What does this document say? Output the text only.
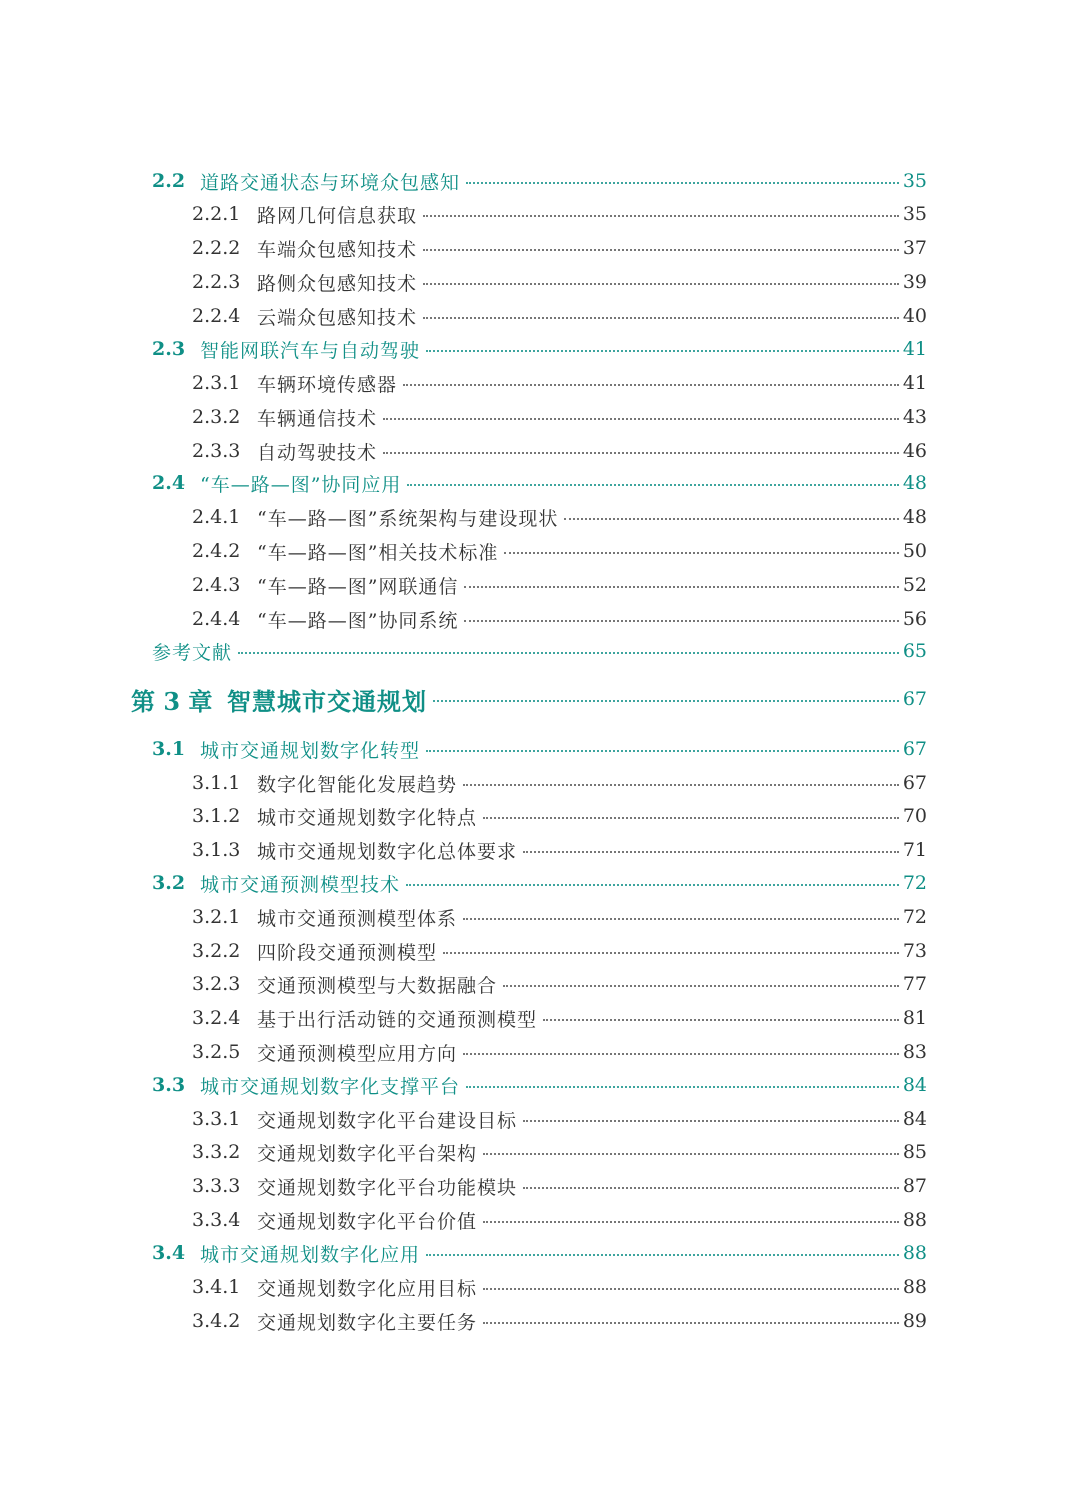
2.2 道路交通状态与环境众包感知	35
2.2.1 路网几何信息获取	35
2.2.2 车端众包感知技术	37
2.2.3 路侧众包感知技术	39
2.2.4 云端众包感知技术	40
2.3 智能网联汽车与自动驾驶	41
2.3.1 车辆环境传感器	41
2.3.2 车辆通信技术	43
2.3.3 自动驾驶技术	46
2.4 “车—路—图”协同应用	48
2.4.1 “车—路—图”系统架构与建设现状	48
2.4.2 “车—路—图”相关技术标准	50
2.4.3 “车—路—图”网联通信	52
2.4.4 “车—路—图”协同系统	56
参考文献	65
第 3 章 智慧城市交通规划	67
3.1 城市交通规划数字化转型	67
3.1.1 数字化智能化发展趋势	67
3.1.2 城市交通规划数字化特点	70
3.1.3 城市交通规划数字化总体要求	71
3.2 城市交通预测模型技术	72
3.2.1 城市交通预测模型体系	72
3.2.2 四阶段交通预测模型	73
3.2.3 交通预测模型与大数据融合	77
3.2.4 基于出行活动链的交通预测模型	81
3.2.5 交通预测模型应用方向	83
3.3 城市交通规划数字化支撑平台	84
3.3.1 交通规划数字化平台建设目标	84
3.3.2 交通规划数字化平台架构	85
3.3.3 交通规划数字化平台功能模块	87
3.3.4 交通规划数字化平台价值	88
3.4 城市交通规划数字化应用	88
3.4.1 交通规划数字化应用目标	88
3.4.2 交通规划数字化主要任务	89
